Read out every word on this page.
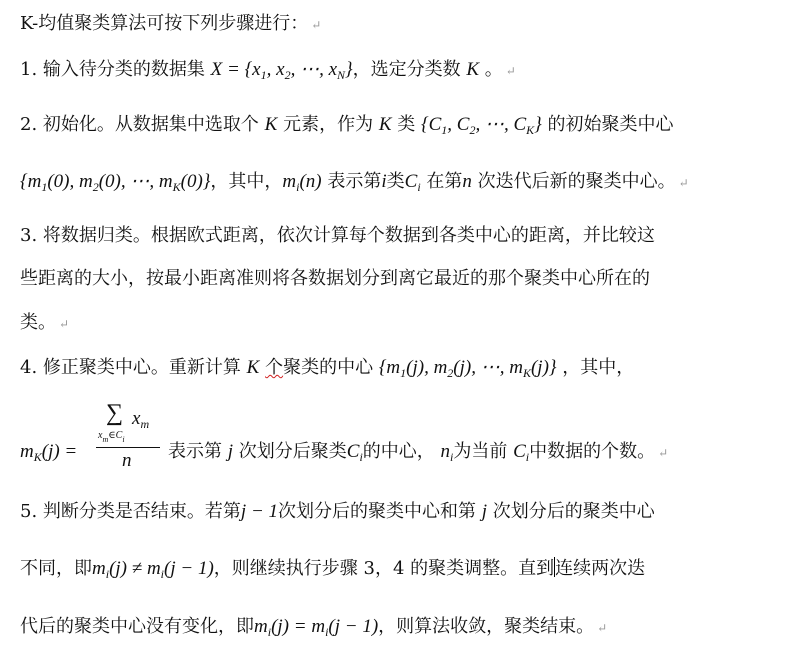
K-均值聚类算法可按下列步骤进行： ↵
1. 输入待分类的数据集 $X = \{x_1$, $x_2$, ⋯, $x_N$}，选定分类数 K 。 ↵
2. 初始化。从数据集中选取个 K 元素，作为 K 类 {$C_1$, $C_2$, ⋯, $C_K$} 的初始聚类中心
{$m_1(0)$, $m_2(0)$, ⋯, $m_K(0)$}，其中，$m_i(n)$ 表示第i类$C_i$ 在第n 次迭代后新的聚类中心。 ↵
3. 将数据归类。根据欧式距离，依次计算每个数据到各类中心的距离，并比较这
些距离的大小，按最小距离准则将各数据划分到离它最近的那个聚类中心所在的
类。 ↵
4. 修正聚类中心。重新计算 K 个聚类的中心 {$m_1(j)$, $m_2(j)$, ⋯, $m_K(j)$} ，其中，
$m_K(j)$ =
∑ $x_m$
$x_m\in C_i$
n 表示第 j 次划分后聚类$C_i$的中心， $n_i$为当前 $C_i$中数据的个数。 ↵
5. 判断分类是否结束。若第j − 1次划分后的聚类中心和第 j 次划分后的聚类中心
不同，即$m_i(j) \ne m_i(j - 1)$，则继续执行步骤 3，4 的聚类调整。直到连续两次迭
代后的聚类中心没有变化，即$m_i(j) = m_i(j - 1)$，则算法收敛，聚类结束。 ↵
